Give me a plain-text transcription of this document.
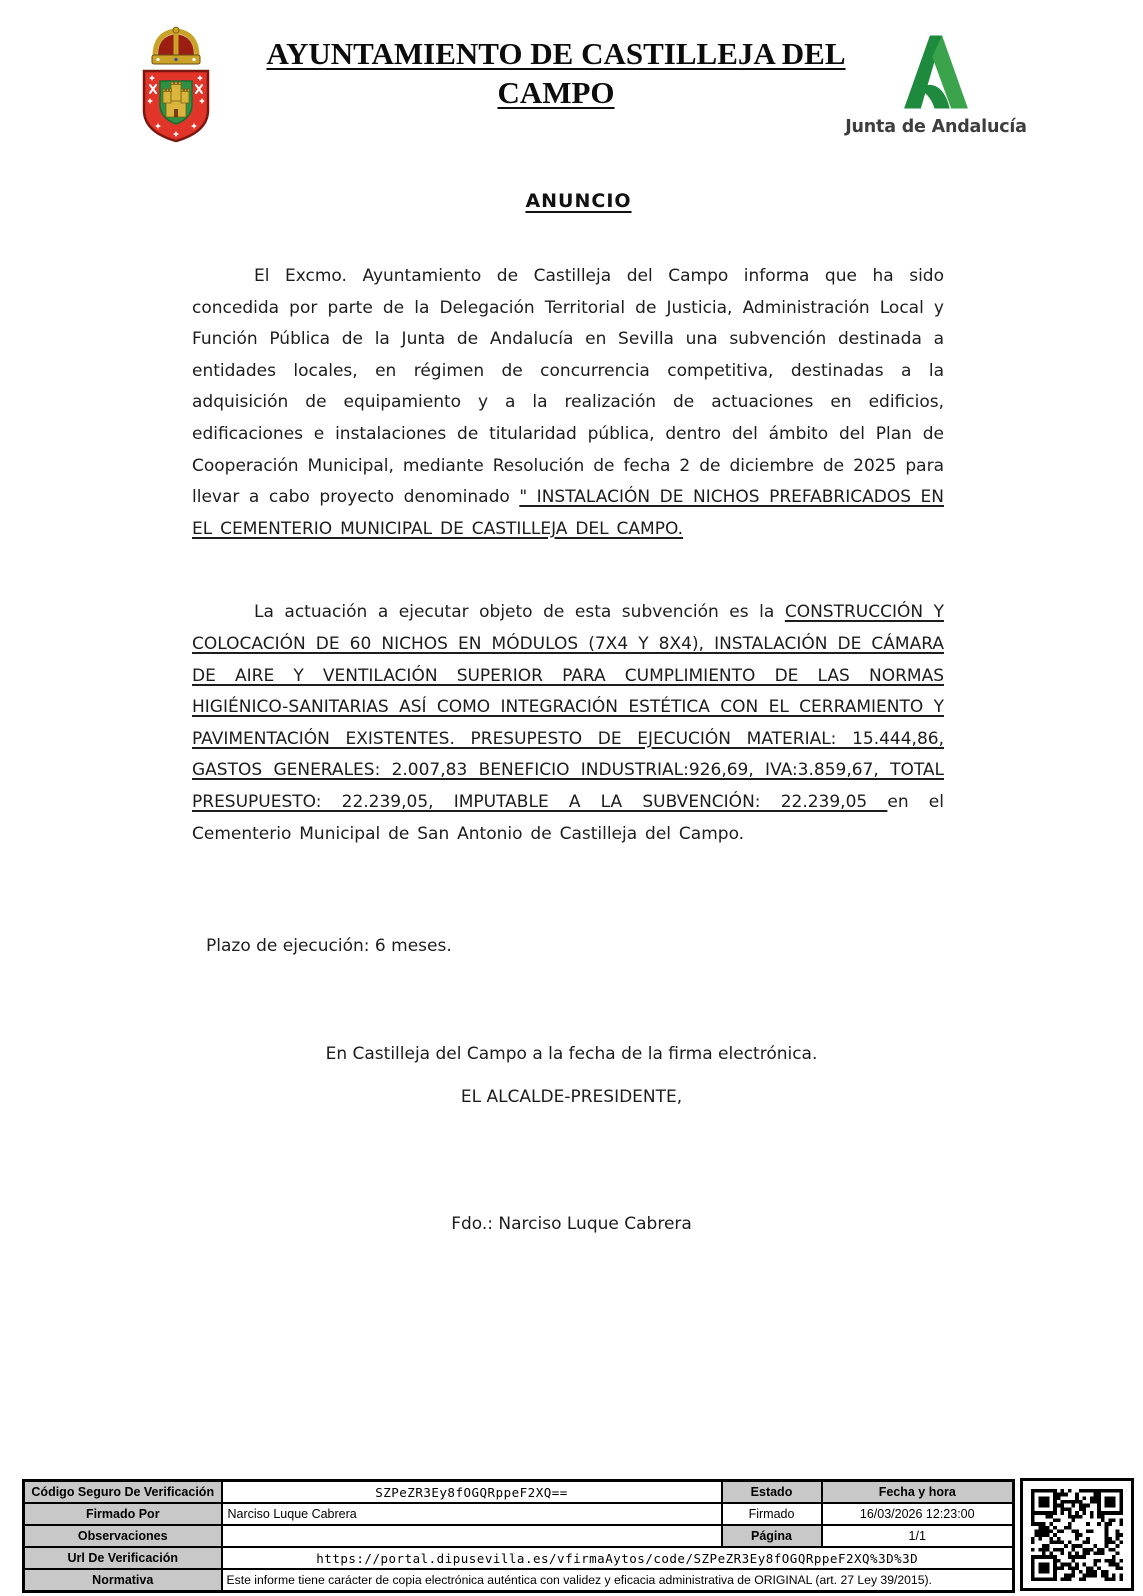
AYUNTAMIENTO DE CASTILLEJA DEL
CAMPO
Junta de Andalucía
ANUNCIO

El Excmo. Ayuntamiento de Castilleja del Campo informa que ha sido concedida por parte de la Delegación Territorial de Justicia, Administración Local y Función Pública de la Junta de Andalucía en Sevilla una subvención destinada a entidades locales, en régimen de concurrencia competitiva, destinadas a la adquisición de equipamiento y a la realización de actuaciones en edificios, edificaciones e instalaciones de titularidad pública, dentro del ámbito del Plan de Cooperación Municipal, mediante Resolución de fecha 2 de diciembre de 2025 para llevar a cabo proyecto denominado " INSTALACIÓN DE NICHOS PREFABRICADOS EN EL CEMENTERIO MUNICIPAL DE CASTILLEJA DEL CAMPO.

La actuación a ejecutar objeto de esta subvención es la CONSTRUCCIÓN Y COLOCACIÓN DE 60 NICHOS EN MÓDULOS (7X4 Y 8X4), INSTALACIÓN DE CÁMARA DE AIRE Y VENTILACIÓN SUPERIOR PARA CUMPLIMIENTO DE LAS NORMAS HIGIÉNICO-SANITARIAS ASÍ COMO INTEGRACIÓN ESTÉTICA CON EL CERRAMIENTO Y PAVIMENTACIÓN EXISTENTES. PRESUPESTO DE EJECUCIÓN MATERIAL: 15.444,86, GASTOS GENERALES: 2.007,83 BENEFICIO INDUSTRIAL:926,69, IVA:3.859,67, TOTAL PRESUPUESTO: 22.239,05, IMPUTABLE A LA SUBVENCIÓN: 22.239,05 en el Cementerio Municipal de San Antonio de Castilleja del Campo.

Plazo de ejecución: 6 meses.
En Castilleja del Campo a la fecha de la firma electrónica.
EL ALCALDE-PRESIDENTE,
Fdo.: Narciso Luque Cabrera
Código Seguro De Verificación	SZPeZR3Ey8fOGQRppeF2XQ==	Estado	Fecha y hora
Firmado Por	Narciso Luque Cabrera	Firmado	16/03/2026 12:23:00
Observaciones		Página	1/1
Url De Verificación	https://portal.dipusevilla.es/vfirmaAytos/code/SZPeZR3Ey8fOGQRppeF2XQ%3D%3D		
Normativa	Este informe tiene carácter de copia electrónica auténtica con validez y eficacia administrativa de ORIGINAL (art. 27 Ley 39/2015).		
